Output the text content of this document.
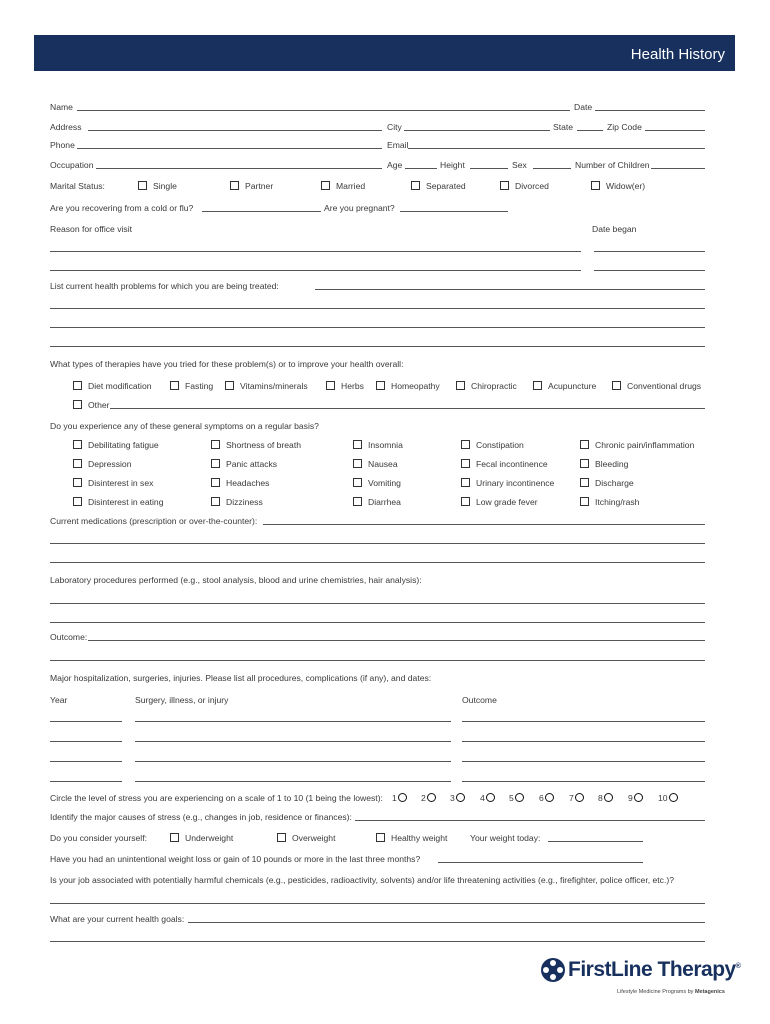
Health History
Name	Date
Address	City	State	Zip Code
Phone	Email
Occupation	Age	Height	Sex	Number of Children
Marital Status:	Single	Partner	Married	Separated	Divorced	Widow(er)
Are you recovering from a cold or flu?	Are you pregnant?
Reason for office visit	Date began
List current health problems for which you are being treated:
What types of therapies have you tried for these problem(s) or to improve your health overall:
Diet modification	Fasting	Vitamins/minerals	Herbs	Homeopathy	Chiropractic	Acupuncture	Conventional drugs
Other
Do you experience any of these general symptoms on a regular basis?
Debilitating fatigue	Shortness of breath	Insomnia	Constipation	Chronic pain/inflammation
Depression	Panic attacks	Nausea	Fecal incontinence	Bleeding
Disinterest in sex	Headaches	Vomiting	Urinary incontinence	Discharge
Disinterest in eating	Dizziness	Diarrhea	Low grade fever	Itching/rash
Current medications (prescription or over-the-counter):
Laboratory procedures performed (e.g., stool analysis, blood and urine chemistries, hair analysis):
Outcome:
Major hospitalization, surgeries, injuries. Please list all procedures, complications (if any), and dates:
Year	Surgery, illness, or injury	Outcome
Circle the level of stress you are experiencing on a scale of 1 to 10 (1 being the lowest): 1	2	3	4	5	6	7	8	9	10
Identify the major causes of stress (e.g., changes in job, residence or finances):
Do you consider yourself:	Underweight	Overweight	Healthy weight	Your weight today:
Have you had an unintentional weight loss or gain of 10 pounds or more in the last three months?
Is your job associated with potentially harmful chemicals (e.g., pesticides, radioactivity, solvents) and/or life threatening activities (e.g., firefighter, police officer, etc.)?
What are your current health goals:
FirstLine Therapy®
Lifestyle Medicine Programs by Metagenics
